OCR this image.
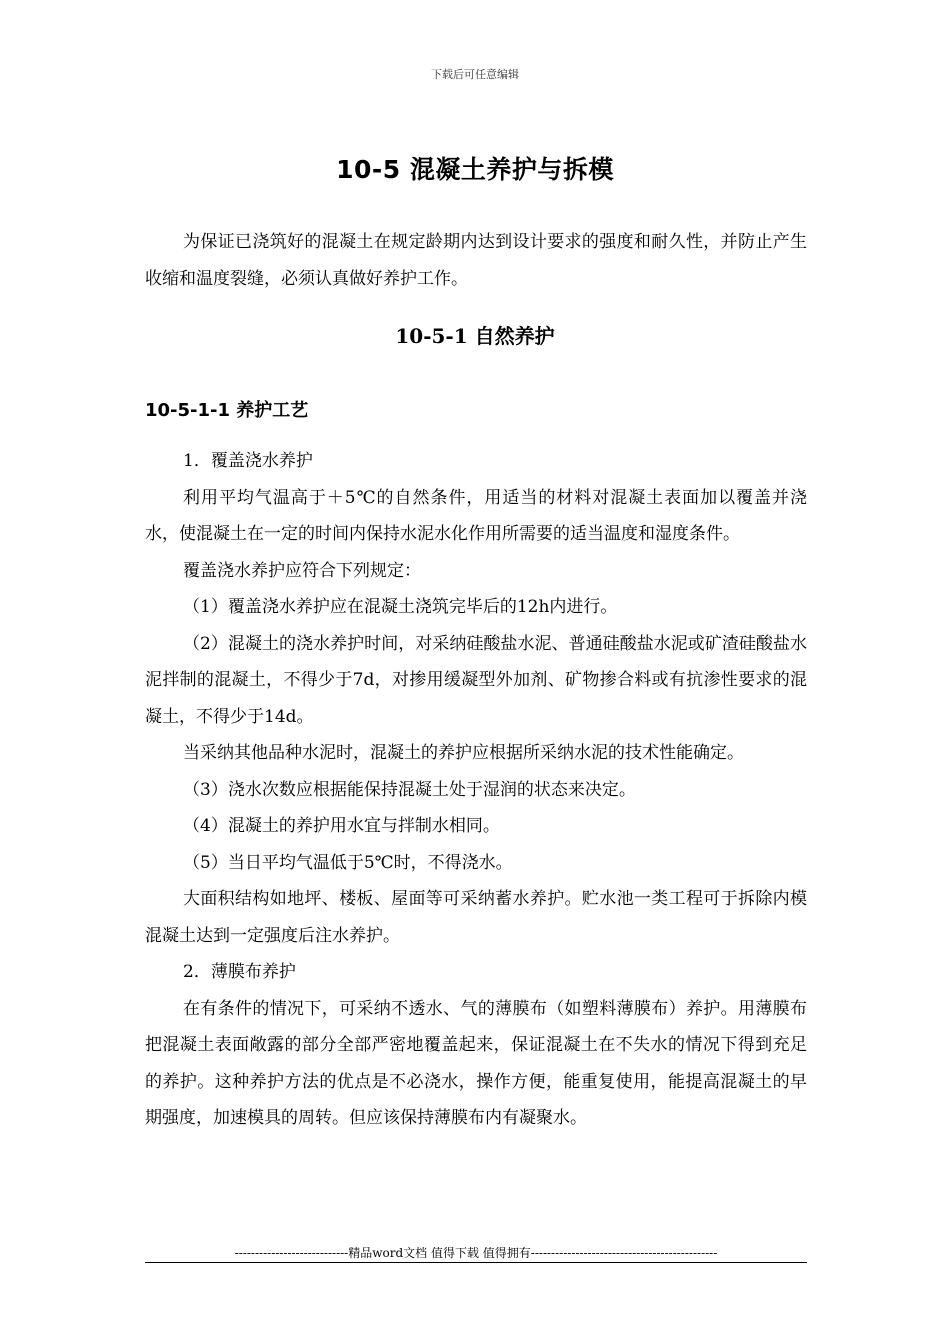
下载后可任意编辑
10-5 混凝土养护与拆模

为保证已浇筑好的混凝土在规定龄期内达到设计要求的强度和耐久性，并防止产生收缩和温度裂缝，必须认真做好养护工作。

10-5-1 自然养护
10-5-1-1 养护工艺

1．覆盖浇水养护

利用平均气温高于＋5℃的自然条件，用适当的材料对混凝土表面加以覆盖并浇水，使混凝土在一定的时间内保持水泥水化作用所需要的适当温度和湿度条件。

覆盖浇水养护应符合下列规定：

（1）覆盖浇水养护应在混凝土浇筑完毕后的12h内进行。

（2）混凝土的浇水养护时间，对采纳硅酸盐水泥、普通硅酸盐水泥或矿渣硅酸盐水泥拌制的混凝土，不得少于7d，对掺用缓凝型外加剂、矿物掺合料或有抗渗性要求的混凝土，不得少于14d。

当采纳其他品种水泥时，混凝土的养护应根据所采纳水泥的技术性能确定。

（3）浇水次数应根据能保持混凝土处于湿润的状态来决定。

（4）混凝土的养护用水宜与拌制水相同。

（5）当日平均气温低于5℃时，不得浇水。

大面积结构如地坪、楼板、屋面等可采纳蓄水养护。贮水池一类工程可于拆除内模混凝土达到一定强度后注水养护。

2．薄膜布养护

在有条件的情况下，可采纳不透水、气的薄膜布（如塑料薄膜布）养护。用薄膜布把混凝土表面敞露的部分全部严密地覆盖起来，保证混凝土在不失水的情况下得到充足的养护。这种养护方法的优点是不必浇水，操作方便，能重复使用，能提高混凝土的早期强度，加速模具的周转。但应该保持薄膜布内有凝聚水。

----------------------------精品word文档 值得下载 值得拥有----------------------------------------------
